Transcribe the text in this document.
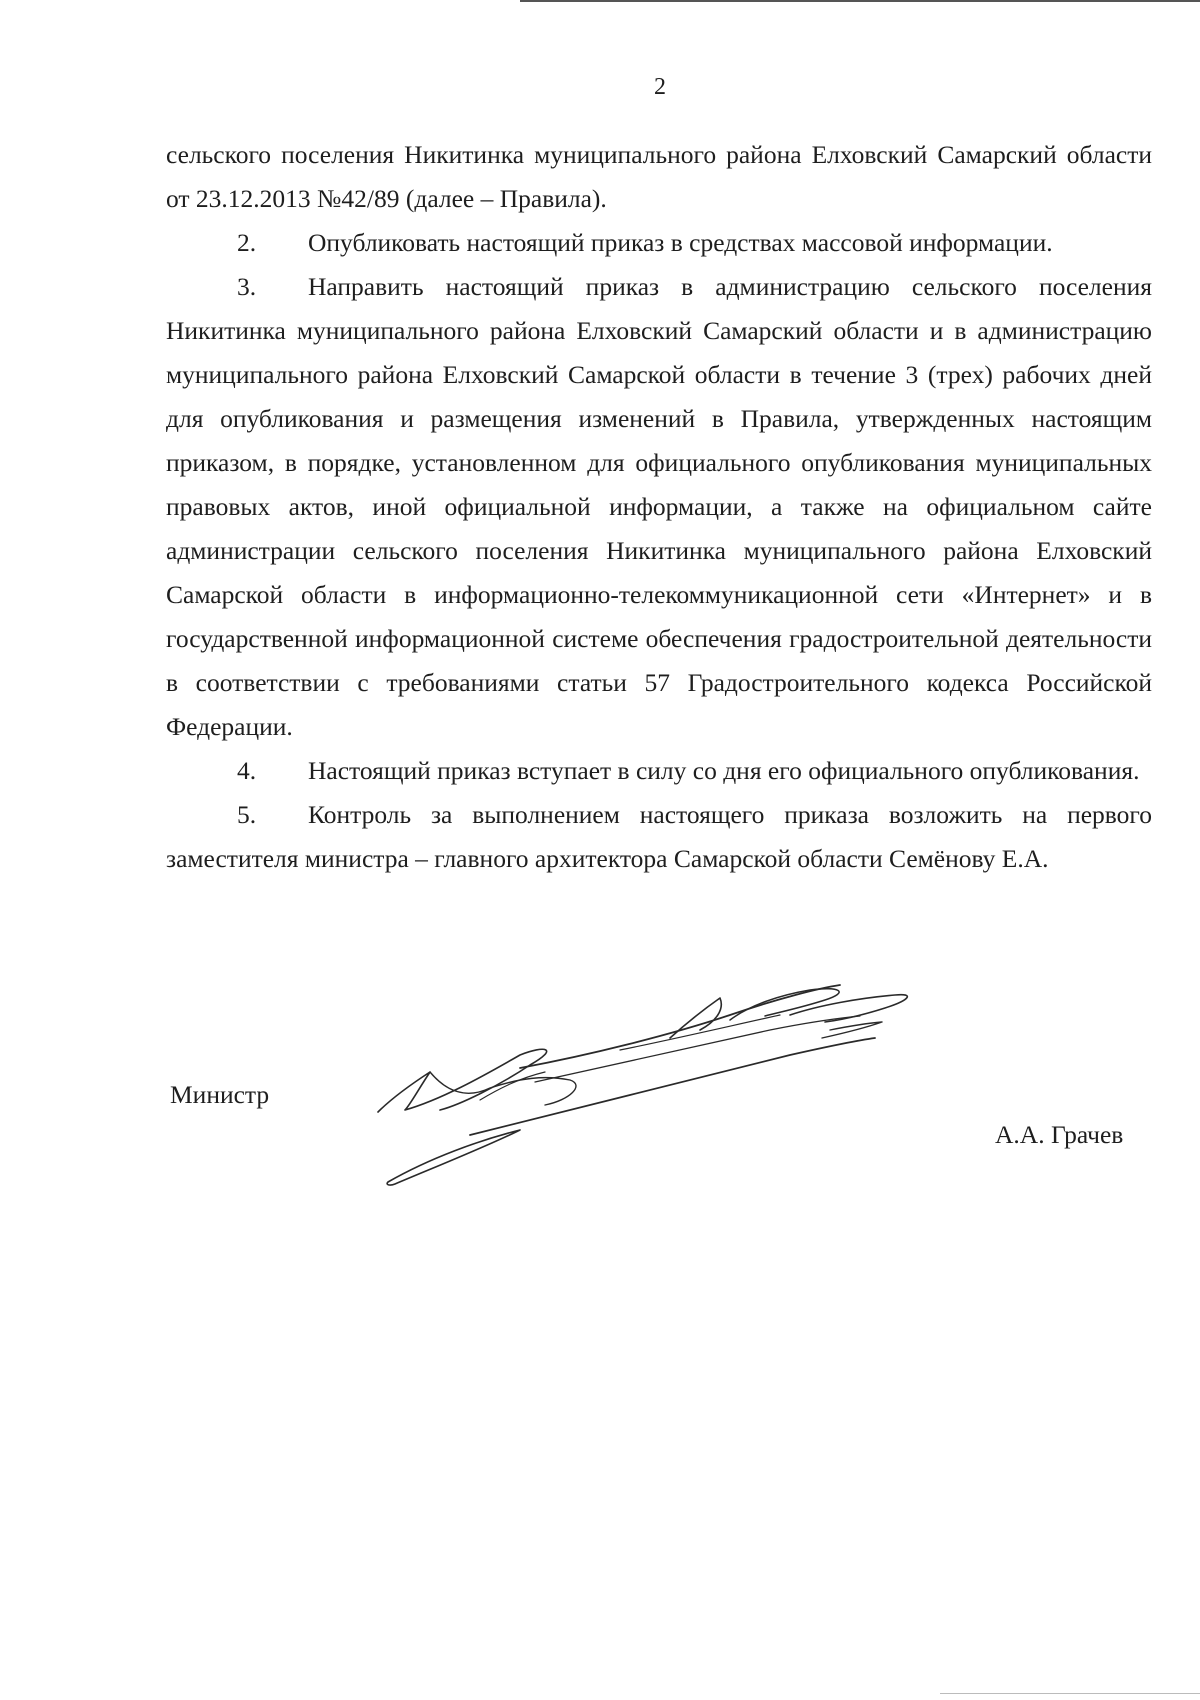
2

сельского поселения Никитинка муниципального района Елховский Самарский области от 23.12.2013 №42/89 (далее – Правила).

2. Опубликовать настоящий приказ в средствах массовой информации.

3. Направить настоящий приказ в администрацию сельского поселения Никитинка муниципального района Елховский Самарский области и в администрацию муниципального района Елховский Самарской области в течение 3 (трех) рабочих дней для опубликования и размещения изменений в Правила, утвержденных настоящим приказом, в порядке, установленном для официального опубликования муниципальных правовых актов, иной официальной информации, а также на официальном сайте администрации сельского поселения Никитинка муниципального района Елховский Самарской области в информационно-телекоммуникационной сети «Интернет» и в государственной информационной системе обеспечения градостроительной деятельности в соответствии с требованиями статьи 57 Градостроительного кодекса Российской Федерации.

4. Настоящий приказ вступает в силу со дня его официального опубликования.

5. Контроль за выполнением настоящего приказа возложить на первого заместителя министра – главного архитектора Самарской области Семёнову Е.А.

Министр
А.А. Грачев
